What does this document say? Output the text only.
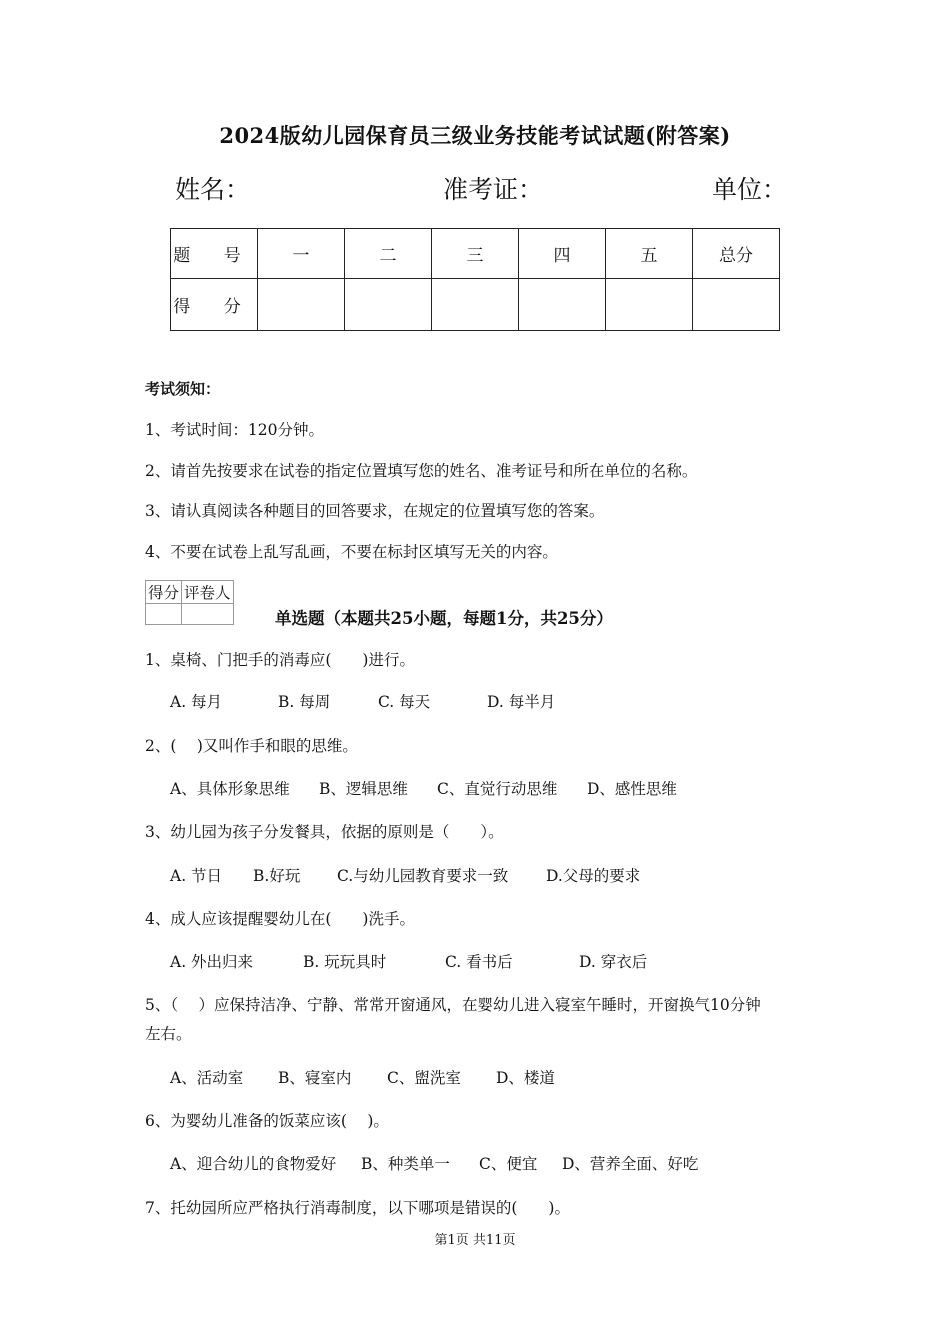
2024版幼儿园保育员三级业务技能考试试题(附答案)
姓名：	准考证：	单位：
题 号	一	二	三	四	五	总分
得 分						
考试须知：
1、考试时间：120分钟。
2、请首先按要求在试卷的指定位置填写您的姓名、准考证号和所在单位的名称。
3、请认真阅读各种题目的回答要求，在规定的位置填写您的答案。
4、不要在试卷上乱写乱画，不要在标封区填写无关的内容。
得分	评卷人

单选题（本题共25小题，每题1分，共25分）
1、桌椅、门把手的消毒应(　　)进行。
A. 每月	B. 每周	C. 每天	D. 每半月
2、(　 )又叫作手和眼的思维。
A、具体形象思维 B、逻辑思维 C、直觉行动思维 D、感性思维
3、幼儿园为孩子分发餐具，依据的原则是（　　）。
A. 节日 B.好玩 C.与幼儿园教育要求一致 D.父母的要求
4、成人应该提醒婴幼儿在(　　)洗手。
A. 外出归来	B. 玩玩具时	C. 看书后	D. 穿衣后
5、（　 ）应保持洁净、宁静、常常开窗通风，在婴幼儿进入寝室午睡时，开窗换气10分钟
左右。
A、活动室 B、寝室内 C、盥洗室 D、楼道
6、为婴幼儿准备的饭菜应该(　 )。
A、迎合幼儿的食物爱好 B、种类单一 C、便宜 D、营养全面、好吃
7、托幼园所应严格执行消毒制度，以下哪项是错误的(　　)。
第1页 共11页
